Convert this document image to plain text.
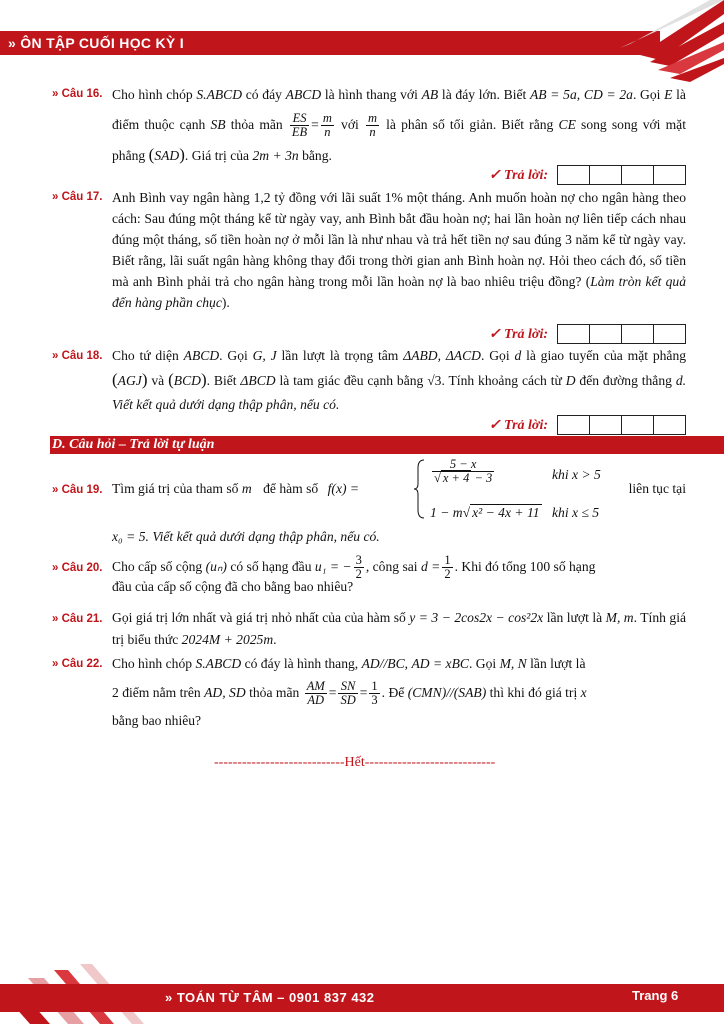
» ÔN TẬP CUỐI HỌC KỲ I
» Câu 16. Cho hình chóp S.ABCD có đáy ABCD là hình thang với AB là đáy lớn. Biết AB = 5a, CD = 2a. Gọi E là điểm thuộc cạnh SB thỏa mãn $\frac{ES}{EB} = \frac{m}{n}$ với $\frac{m}{n}$ là phân số tối giản. Biết rằng CE song song với mặt phẳng (SAD). Giá trị của 2m + 3n bằng.
✓ Trả lời:
» Câu 17. Anh Bình vay ngân hàng 1,2 tỷ đồng với lãi suất 1% một tháng. Anh muốn hoàn nợ cho ngân hàng theo cách: Sau đúng một tháng kể từ ngày vay, anh Bình bắt đầu hoàn nợ; hai lần hoàn nợ liên tiếp cách nhau đúng một tháng, số tiền hoàn nợ ở mỗi lần là như nhau và trả hết tiền nợ sau đúng 3 năm kể từ ngày vay. Biết rằng, lãi suất ngân hàng không thay đổi trong thời gian anh Bình hoàn nợ. Hỏi theo cách đó, số tiền mà anh Bình phải trả cho ngân hàng trong mỗi lần hoàn nợ là bao nhiêu triệu đồng? (Làm tròn kết quả đến hàng phần chục).
✓ Trả lời:
» Câu 18. Cho tứ diện ABCD. Gọi G, J lần lượt là trọng tâm ΔABD, ΔACD. Gọi d là giao tuyến của mặt phẳng (AGJ) và (BCD). Biết ΔBCD là tam giác đều cạnh bằng √3. Tính khoảng cách từ D đến đường thẳng d. Viết kết quả dưới dạng thập phân, nếu có.
✓ Trả lời:
D. Câu hỏi – Trả lời tự luận
» Câu 19. Tìm giá trị của tham số m để hàm số f(x) =
$\frac{5 - x}{√ x + 4 - 3}$	khi x > 5
1 − m√ x² − 4x + 11 khi x ≤ 5
liên tục tại
x₀ = 5. Viết kết quả dưới dạng thập phân, nếu có.
» Câu 20. Cho cấp số cộng (uₙ) có số hạng đầu u₁ = − $\frac{3}{2}$ , công sai $d = \frac{1}{2}$ . Khi đó tổng 100 số hạng
đầu của cấp số cộng đã cho bằng bao nhiêu?
» Câu 21. Gọi giá trị lớn nhất và giá trị nhỏ nhất của của hàm số y = 3 − 2cos2x − cos²2x lần lượt là M, m. Tính giá trị biểu thức 2024M + 2025m.
» Câu 22. Cho hình chóp S.ABCD có đáy là hình thang, AD//BC, AD = xBC. Gọi M, N lần lượt là
2 điểm nằm trên AD, SD thỏa mãn $\frac{AM}{AD} = \frac{SN}{SD} = \frac{1}{3}$ . Để (CMN)//(SAB) thì khi đó giá trị x
bằng bao nhiêu?
----------------------------Hết----------------------------
» TOÁN TỪ TÂM – 0901 837 432	Trang 6
